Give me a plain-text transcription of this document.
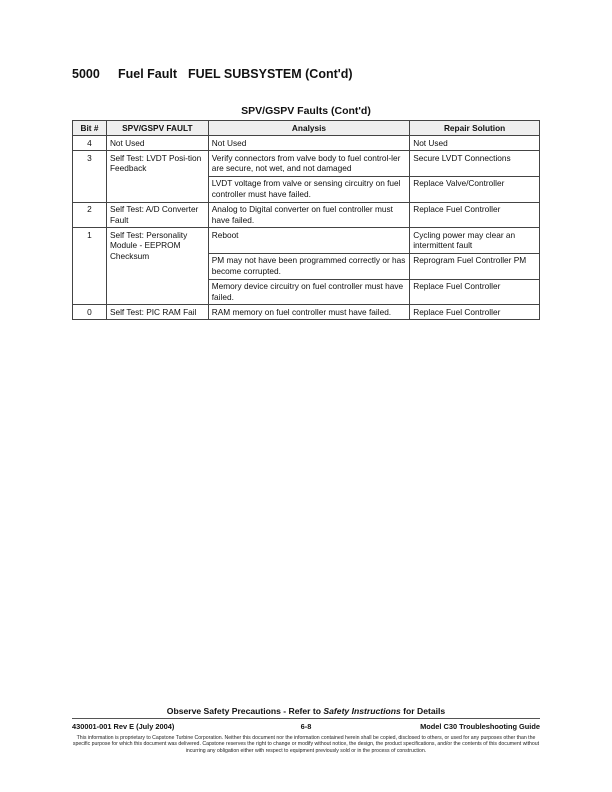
5000 Fuel Fault FUEL SUBSYSTEM (Cont'd)
SPV/GSPV Faults (Cont'd)
Bit #	SPV/GSPV FAULT	Analysis	Repair Solution
4	Not Used	Not Used	Not Used
3	Self Test: LVDT Posi-tion Feedback	Verify connectors from valve body to fuel control-ler are secure, not wet, and not damaged	Secure LVDT Connections
		LVDT voltage from valve or sensing circuitry on fuel controller must have failed.	Replace Valve/Controller
2	Self Test: A/D Converter Fault	Analog to Digital converter on fuel controller must have failed.	Replace Fuel Controller
1	Self Test: Personality Module - EEPROM Checksum	Reboot	Cycling power may clear an intermittent fault
		PM may not have been programmed correctly or has become corrupted.	Reprogram Fuel Controller PM
		Memory device circuitry on fuel controller must have failed.	Replace Fuel Controller
0	Self Test: PIC RAM Fail	RAM memory on fuel controller must have failed.	Replace Fuel Controller
Observe Safety Precautions - Refer to Safety Instructions for Details
430001-001 Rev E (July 2004)	6-8	Model C30 Troubleshooting Guide
This information is proprietary to Capstone Turbine Corporation. Neither this document nor the information contained herein shall be copied, disclosed to others, or used for any purposes other than the specific purpose for which this document was delivered. Capstone reserves the right to change or modify without notice, the design, the product specifications, and/or the contents of this document without incurring any obligation either with respect to equipment previously sold or in the process of construction.
